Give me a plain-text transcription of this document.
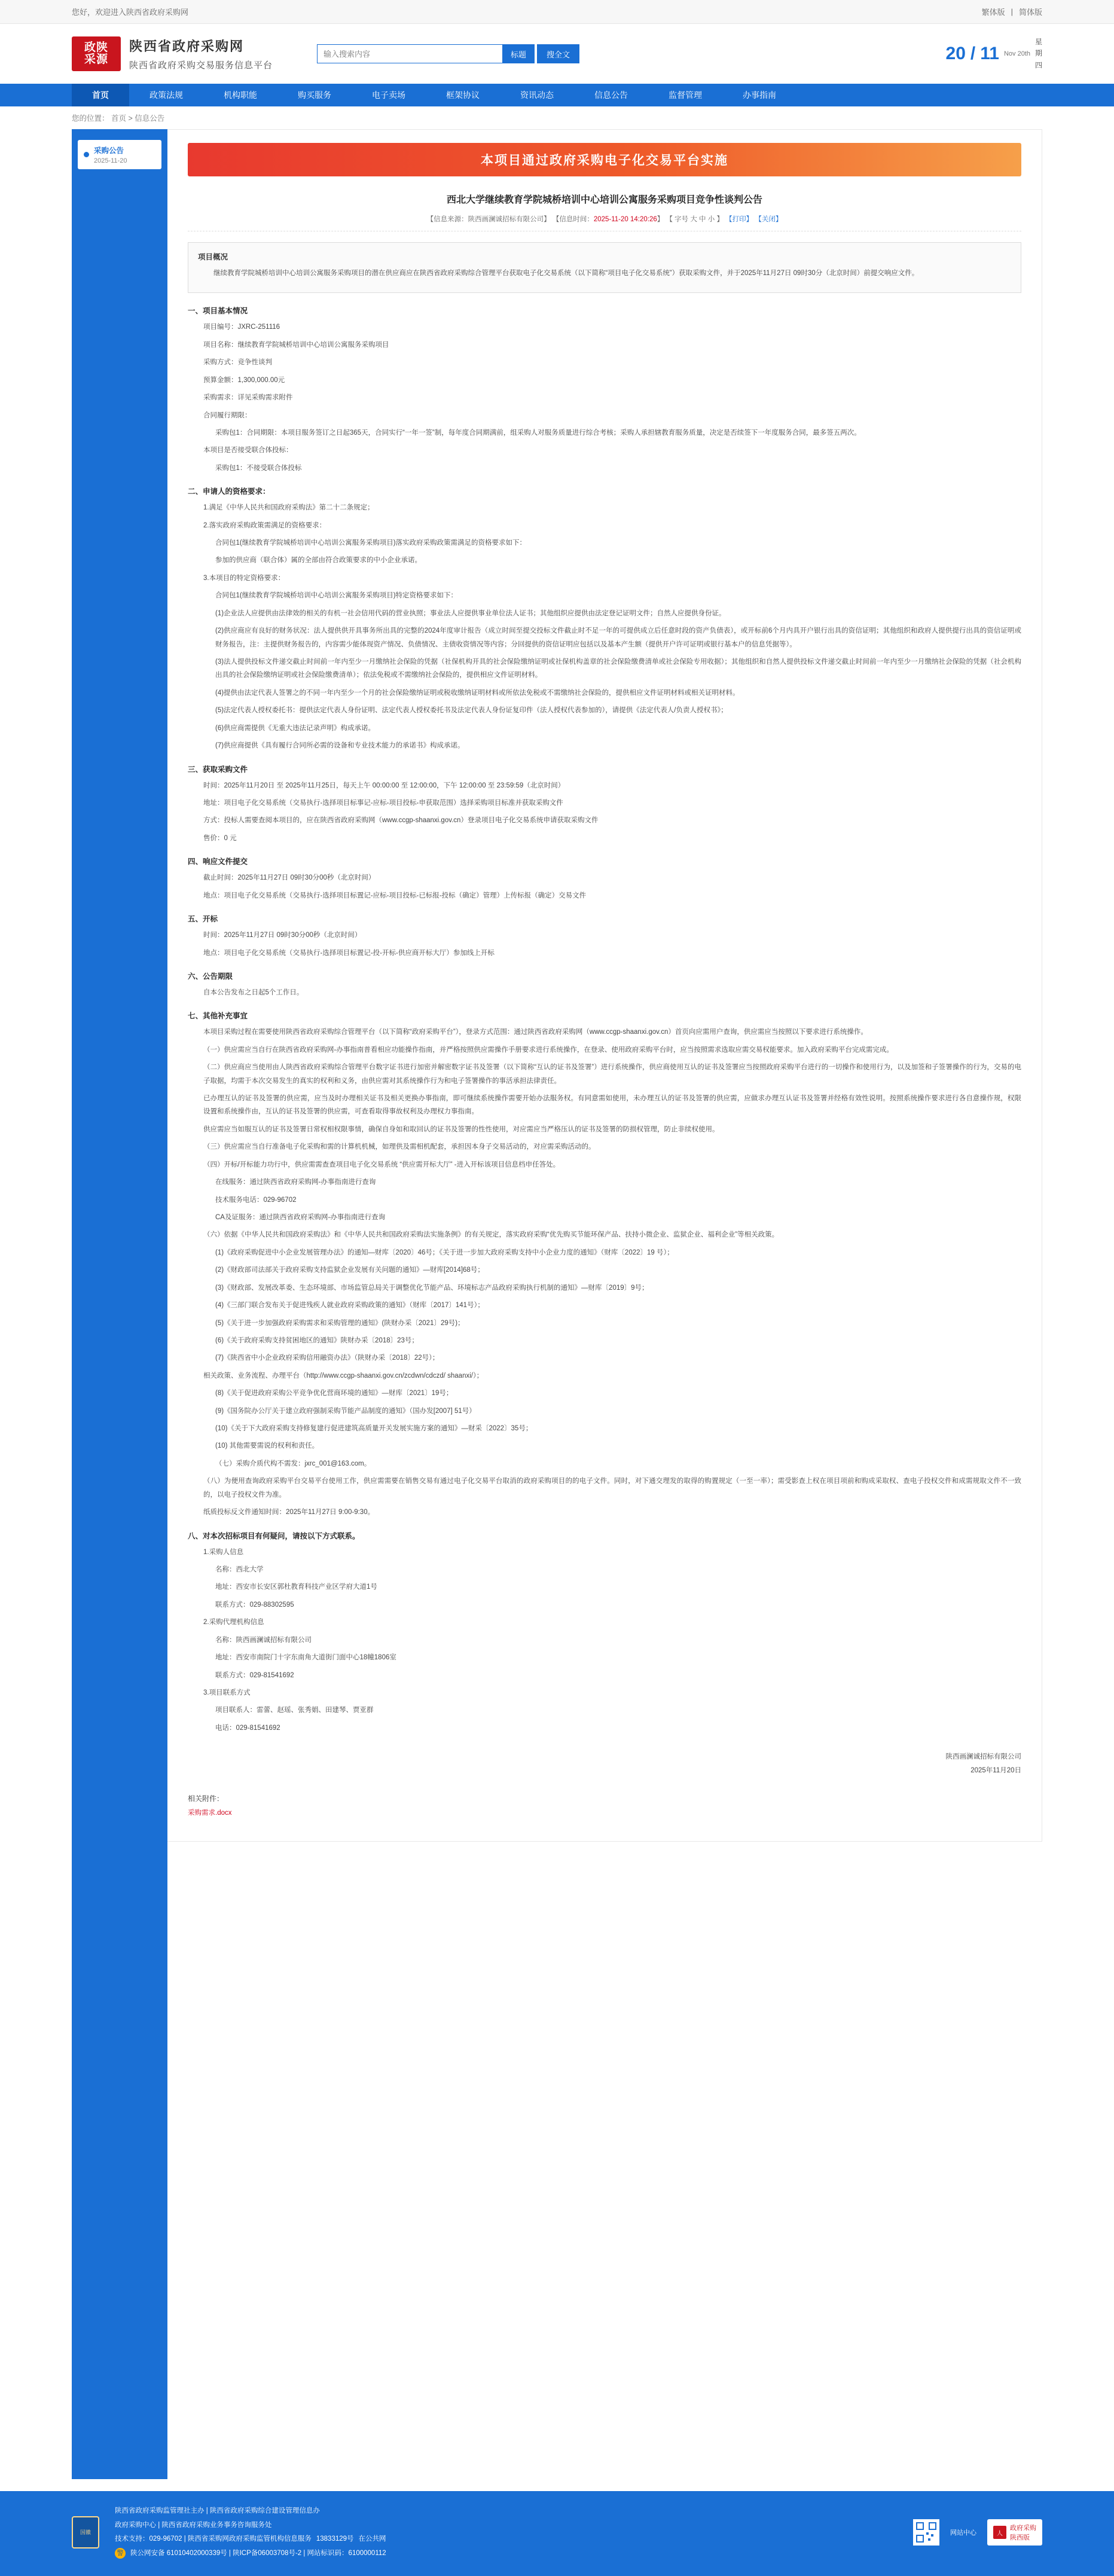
您好，欢迎进入陕西省政府采购网	繁体版 | 简体版
政陕
采源
陕西省政府采购网
陕西省政府采购交易服务信息平台
输入搜索内容
标题	搜全文	20 / 11 Nov 20th
星
期
四
首页	政策法规	机构职能	购买服务	电子卖场	框架协议	资讯动态	信息公告	监督管理	办事指南
您的位置： 首页 > 信息公告
采购公告
2025-11-20	本项目通过政府采购电子化交易平台实施
西北大学继续教育学院城桥培训中心培训公寓服务采购项目竞争性谈判公告
【信息来源：陕西画澜诚招标有限公司】 【信息时间：2025-11-20 14:20:26】 【 字号 大 中 小 】 【打印】 【关闭】
项目概况

继续教育学院城桥培训中心培训公寓服务采购项目的潜在供应商应在陕西省政府采购综合管理平台获取电子化交易系统（以下简称“项目电子化交易系统”）获取采购文件，并于2025年11月27日 09时30分（北京时间）前提交响应文件。

一、项目基本情况

项目编号：JXRC-251116

项目名称：继续教育学院城桥培训中心培训公寓服务采购项目

采购方式：竞争性谈判

预算金额：1,300,000.00元

采购需求：详见采购需求附件

合同履行期限：

采购包1：合同期限：本项目服务签订之日起365天，合同实行“一年一签”制，每年度合同期满前，组采购人对服务质量进行综合考核；采购人承担辖教育服务质量，决定是否续签下一年度服务合同，最多签五两次。

本项目是否接受联合体投标：

采购包1：不接受联合体投标

二、申请人的资格要求：

1.满足《中华人民共和国政府采购法》第二十二条规定；

2.落实政府采购政策需满足的资格要求：

合同包1(继续教育学院城桥培训中心培训公寓服务采购项目)落实政府采购政策需满足的资格要求如下：

参加的供应商（联合体）属的全部由符合政策要求的中小企业承诺。

3.本项目的特定资格要求：

合同包1(继续教育学院城桥培训中心培训公寓服务采购项目)特定资格要求如下：

(1)企业法人应提供由法律效的相关的有机一社会信用代码的营业执照；事业法人应提供事业单位法人证书；其他组织应提供由法定登记证明文件；自然人应提供身份证。

(2)供应商应有良好的财务状况：法人提供供开具事务所出具的完整的2024年度审计报告（成立时间至提交投标文件截止时不足一年的可提供成立后任意时段的资产负债表），或开标前6个月内具开户银行出具的资信证明；其他组织和政府人提供提行出具的资信证明或财务报告，注：主提供财务报告的，内容需少能体现资产情况、负债情况、主债收资情况等内容；分回提供的资信证明应包括以及基本产生额（提供开户许可证明或银行基本户的信息凭据等）。

(3)法人提供投标文件递交截止时间前一年内至少一月缴纳社会保险的凭据（社保机构开具的社会保险缴纳证明或社保机构盖章的社会保险缴费清单或社会保险专用收据）；其他组织和自然人提供投标文件递交截止时间前一年内至少一月缴纳社会保险的凭据（社会机构出具的社会保险缴纳证明或社会保险缴费清单）；依法免税或不需缴纳社会保险的，提供相应文件证明材料。

(4)提供由法定代表人签署之的不同一年内至少一个月的社会保险缴纳证明或税收缴纳证明材料或所依法免税或不需缴纳社会保险的，提供相应文件证明材料或相关证明材料。

(5)法定代表人授权委托书：提供法定代表人身份证明、法定代表人授权委托书及法定代表人身份证复印件（法人授权代表参加的），请提供《法定代表人/负责人授权书》；

(6)供应商需提供《无重大违法记录声明》构成承诺。

(7)供应商提供《具有履行合同所必需的设备和专业技术能力的承诺书》构成承诺。

三、获取采购文件

时间：2025年11月20日 至 2025年11月25日，每天上午 00:00:00 至 12:00:00，下午 12:00:00 至 23:59:59（北京时间）

地址：项目电子化交易系统（交易执行-选择项目标事记-应标-项目投标-申获取范围）选择采购项目标准并获取采购文件

方式：投标人需要查阅本项目的，应在陕西省政府采购网（www.ccgp-shaanxi.gov.cn）登录项目电子化交易系统申请获取采购文件

售价：0 元

四、响应文件提交

截止时间：2025年11月27日 09时30分00秒（北京时间）

地点：项目电子化交易系统（交易执行-选择项目标置记-应标-项目投标-已标报-投标（确定）管理）上传标报（确定）交易文件

五、开标

时间：2025年11月27日 09时30分00秒（北京时间）

地点：项目电子化交易系统（交易执行-选择项目标置记-投-开标-供应商开标大厅）参加线上开标

六、公告期限

自本公告发布之日起5个工作日。

七、其他补充事宜

本项目采购过程在需要使用陕西省政府采购综合管理平台（以下简称“政府采购平台”），登录方式范围：通过陕西省政府采购网（www.ccgp-shaanxi.gov.cn）首页向应需用户查询，供应需应当按照以下要求进行系统操作。

（一）供应需应当自行在陕西省政府采购网-办事指南普看相应功能操作指南，并严格按照供应需操作手册要求进行系统操作，在登录、使用政府采购平台时，应当按照需求选取应需交易权能要求。加入政府采购平台完成需完成。

（二）供应商应当使用由人陕西省政府采购综合管理平台数字证书进行加密并解密数字证书及签署（以下简称“互认的证书及签署”）进行系统操作，供应商使用互认的证书及签署应当按照政府采购平台进行的一切操作和使用行为，以及加签和子签署操作的行为，交易的电子取据，均需于本次交易发生的真实的权利和义务，由供应需对其系统操作行为和电子签署操作的事活承担法律责任。

已办理互认的证书及签署的供应需，应当及时办理相关证书及相关更换办事指南，即可继续系统操作需要开始办法服务权。有同意需如使用，未办理互认的证书及签署的供应需，应做求办理互认证书及签署并经格有效性说明。按照系统操作要求进行各自意操作规，权限设置和系统操作由，互认的证书及签署的供应需，可查看取得事故权利及办理权力事指南。

供应需应当如服互认的证书及签署日常权相权限事情，确保自身如和取回认的证书及签署的性性使用，对应需应当严格压认的证书及签署的防损权管理，防止非续权使用。

（三）供应需应当自行准备电子化采购和需的计算机机械，如理供及需相机配套，承担因本身子交易活动的，对应需采购活动的。

（四）开标/开标能力功行中，供应需需查查项目电子化交易系统 “供应需开标大厅” -进入开标该项目信息档申任答处。

在线服务：通过陕西省政府采购网-办事指南进行查询

技术服务电话：029-96702

CA及证服务：通过陕西省政府采购网-办事指南进行查询

（六）依据《中华人民共和国政府采购法》和《中华人民共和国政府采购法实施条例》的有关规定，落实政府采购“优先购买节能环保产品、扶持小微企业、监狱企业、福利企业”等相关政策。

(1)《政府采购促进中小企业发展管理办法》的通知—财库〔2020〕46号；《关于进一步加大政府采购支持中小企业力度的通知》（财库〔2022〕19 号）；

(2)《财政部司法部关于政府采购支持监狱企业发展有关问题的通知》—财库[2014]68号；

(3)《财政部、发展改革委、生态环境部、市场监管总局关于调整优化节能产品、环境标志产品政府采购执行机制的通知》—财库〔2019〕9号；

(4)《三部门联合发布关于促进残疾人就业政府采购政策的通知》（财库〔2017〕141号）；

(5)《关于进一步加强政府采购需求和采购管理的通知》(陕财办采〔2021〕29号)；

(6)《关于政府采购支持贫困地区的通知》陕财办采〔2018〕23号；

(7)《陕西省中小企业政府采购信用融资办法》（陕财办采〔2018〕22号）；

相关政策、业务流程、办理平台（http://www.ccgp-shaanxi.gov.cn/zcdwn/cdczd/ shaanxi/）；

(8)《关于促进政府采购公平竞争优化营商环境的通知》—财库〔2021〕19号；

(9)《国务院办公厅关于建立政府强制采购节能产品制度的通知》（国办发[2007] 51号）

(10)《关于下大政府采购支持修复建行促进建筑高质量开关发展实施方案的通知》—财采〔2022〕35号；

(10) 其他需要需说的权利和责任。

（七）采购介质代构不需发：jxrc_001@163.com。

（八）为便用查询政府采购平台交易平台使用工作，供应需需要在销售交易有通过电子化交易平台取消的政府采购项目的的电子文件。同时，对下通交理发的取得的购置规定（一至一率）；需受影查上权在项目项前和购成采取权、查电子投权交件和成需规取文件不一致的，以电子投权文件为准。

纸质投标反文件通知时间：2025年11月27日 9:00-9:30。

八、对本次招标项目有何疑问，请按以下方式联系。

1.采购人信息

名称：西北大学

地址：西安市长安区郭杜教育科技产业区学府大道1号

联系方式：029-88302595

2.采购代理机构信息

名称：陕西画澜诚招标有限公司

地址：西安市南院门十字东南角大道街门面中心18幢1806室

联系方式：029-81541692

3.项目联系方式

项目联系人：雷蕾、赵瑶、张秀娟、田建琴、贾亚群

电话：029-81541692

陕西画澜诚招标有限公司
2025年11月20日
相关附件：
采购需求.docx
国徽
陕西省政府采购监管理社主办 | 陕西省政府采购综合建设管理信息办
政府采购中心 | 陕西省政府采购业务事务咨询服务处
技术支持：029-96702 | 陕西省采购网政府采购监管机构信息服务 13833129号 在公共网
警	陕公网安备 61010402000339号 | 陕ICP备06003708号-2 | 网站标识码：6100000112
网站中心	人
政府采购
陕西版
